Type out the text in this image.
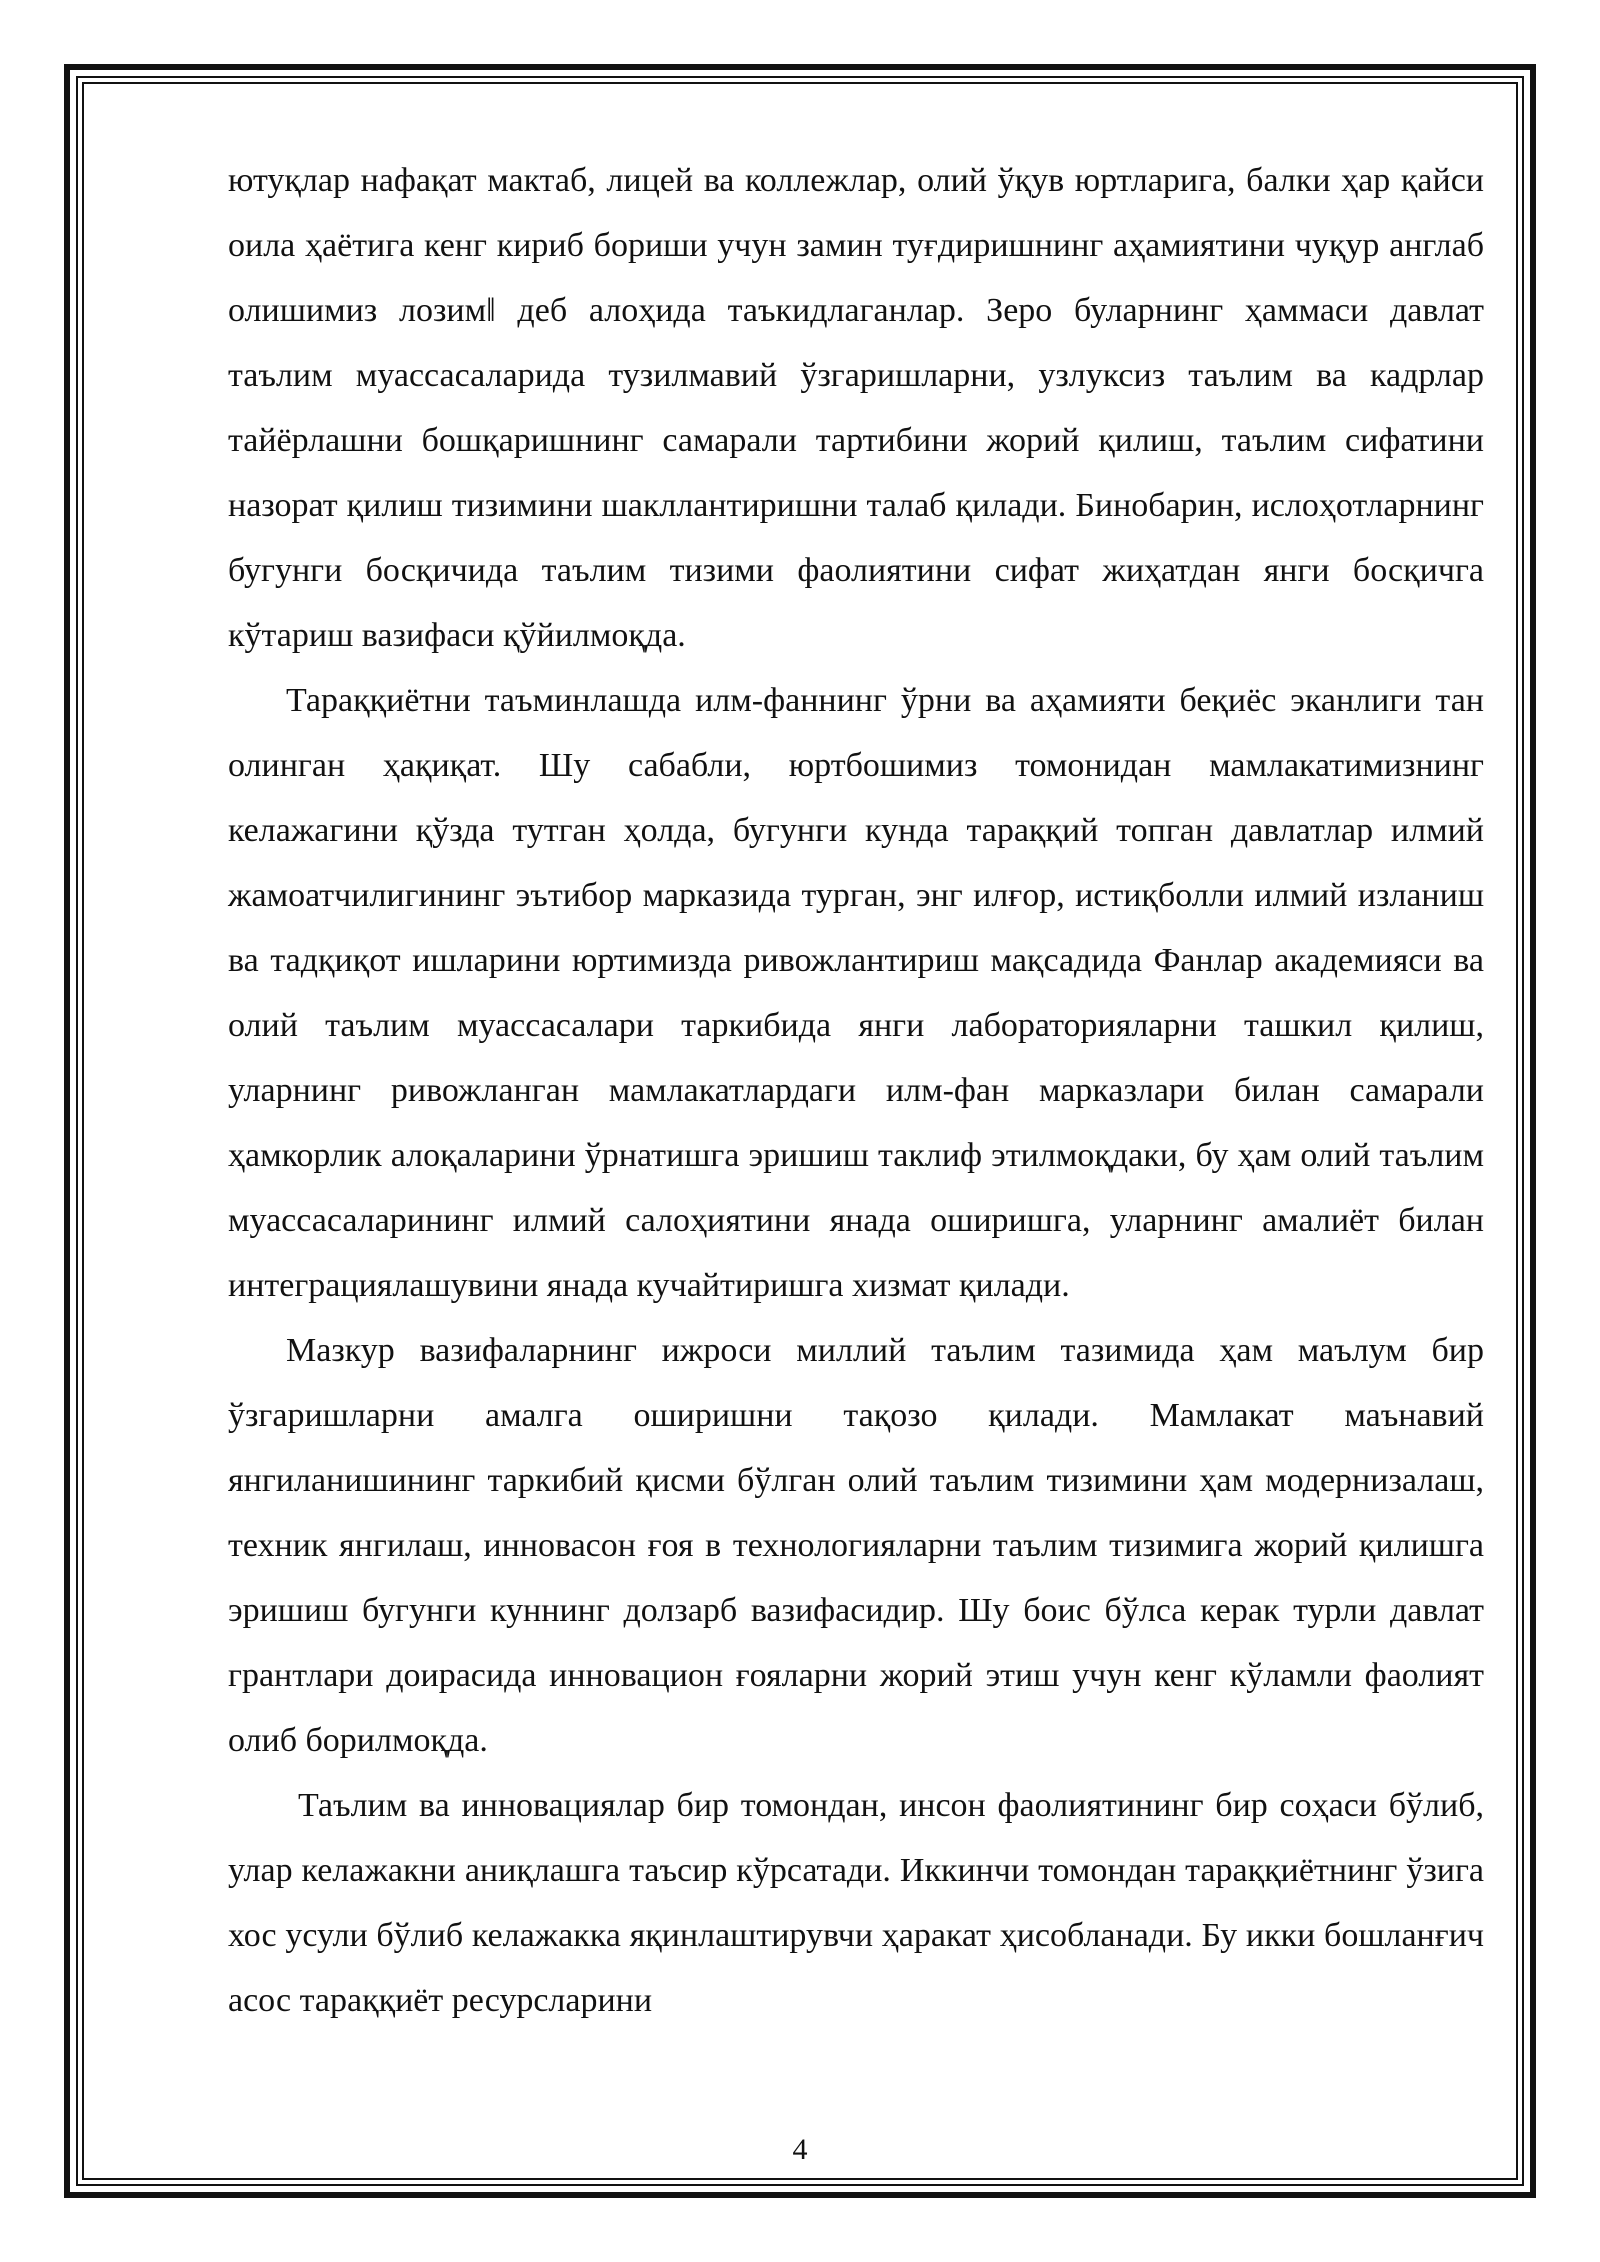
ютуқлар нафақат мактаб, лицей ва коллежлар, олий ўқув юртларига, балки ҳар қайси оила ҳаётига кенг кириб бориши учун замин туғдиришнинг аҳамиятини чуқур англаб олишимиз лозим‖ деб алоҳида таъкидлаганлар. Зеро буларнинг ҳаммаси давлат таълим муассасаларида тузилмавий ўзгаришларни, узлуксиз таълим ва кадрлар тайёрлашни бошқаришнинг самарали тартибини жорий қилиш, таълим сифатини назорат қилиш тизимини шакллантиришни талаб қилади. Бинобарин, ислоҳотларнинг бугунги босқичида таълим тизими фаолиятини сифат жиҳатдан янги босқичга кўтариш вазифаси қўйилмоқда.

Тараққиётни таъминлашда илм-фаннинг ўрни ва аҳамияти беқиёс эканлиги тан олинган ҳақиқат. Шу сабабли, юртбошимиз томонидан мамлакатимизнинг келажагини қўзда тутган ҳолда, бугунги кунда тараққий топган давлатлар илмий жамоатчилигининг эътибор марказида турган, энг илғор, истиқболли илмий изланиш ва тадқиқот ишларини юртимизда ривожлантириш мақсадида Фанлар академияси ва олий таълим муассасалари таркибида янги лабораторияларни ташкил қилиш, уларнинг ривожланган мамлакатлардаги илм-фан марказлари билан самарали ҳамкорлик алоқаларини ўрнатишга эришиш таклиф этилмоқдаки, бу ҳам олий таълим муассасаларининг илмий салоҳиятини янада оширишга, уларнинг амалиёт билан интеграциялашувини янада кучайтиришга хизмат қилади.

Мазкур вазифаларнинг ижроси миллий таълим тазимида ҳам маълум бир ўзгаришларни амалга оширишни тақозо қилади. Мамлакат маънавий янгиланишининг таркибий қисми бўлган олий таълим тизимини ҳам модернизалаш, техник янгилаш, инноваcон ғоя в технологияларни таълим тизимига жорий қилишга эришиш бугунги куннинг долзарб вазифасидир. Шу боис бўлса керак турли давлат грантлари доирасида инновацион ғояларни жорий этиш учун кенг кўламли фаолият олиб борилмоқда.

Таълим ва инновациялар бир томондан, инсон фаолиятининг бир соҳаси бўлиб, улар келажакни аниқлашга таъсир кўрсатади. Иккинчи томондан тараққиётнинг ўзига хос усули бўлиб келажакка яқинлаштирувчи ҳаракат ҳисобланади. Бу икки бошланғич асос тараққиёт ресурсларини

4
